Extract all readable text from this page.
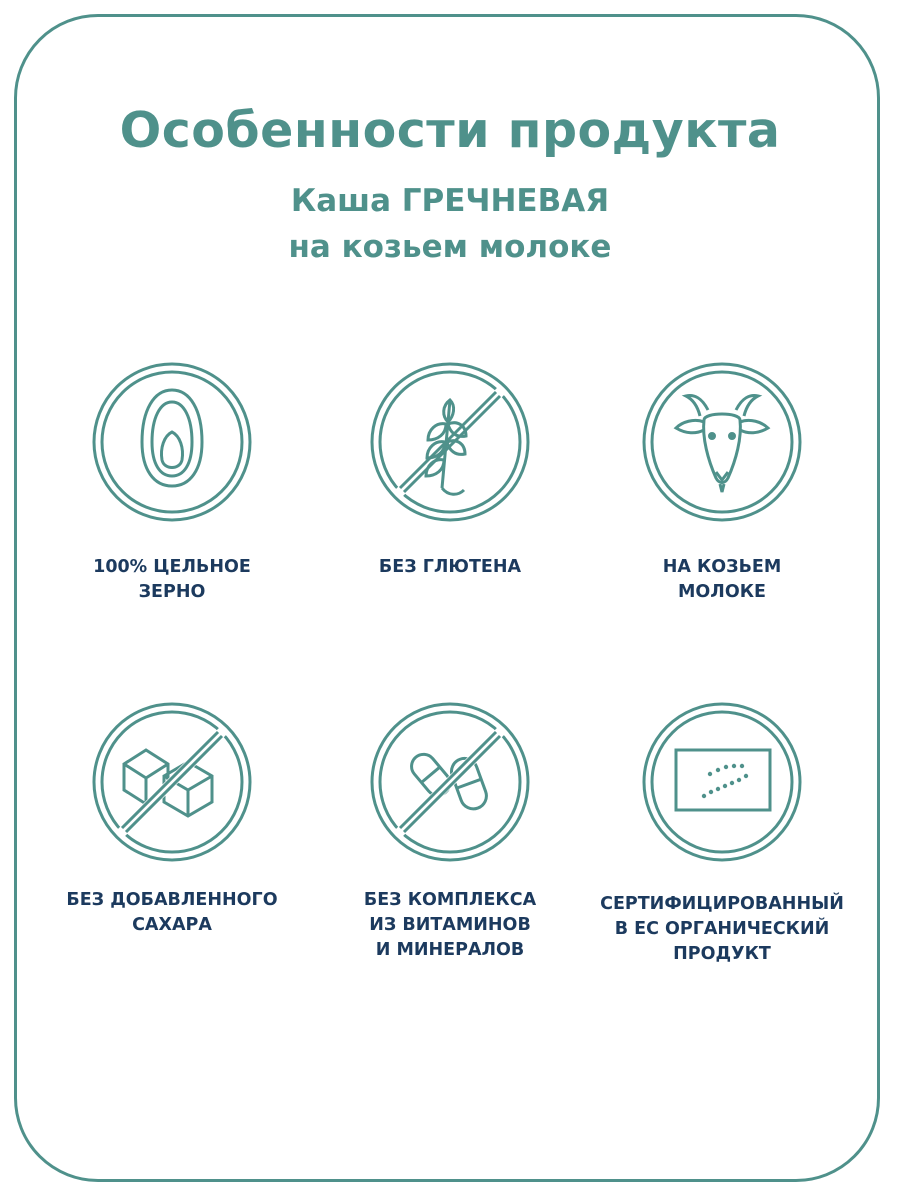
Особенности продукта
Каша ГРЕЧНЕВАЯ
на козьем молоке
100% ЦЕЛЬНОЕ
ЗЕРНО
БЕЗ ГЛЮТЕНА	НА КОЗЬЕМ
МОЛОКЕ
БЕЗ ДОБАВЛЕННОГО
САХАРА
БЕЗ КОМПЛЕКСА
ИЗ ВИТАМИНОВ
И МИНЕРАЛОВ
СЕРТИФИЦИРОВАННЫЙ
В ЕС ОРГАНИЧЕСКИЙ
ПРОДУКТ
